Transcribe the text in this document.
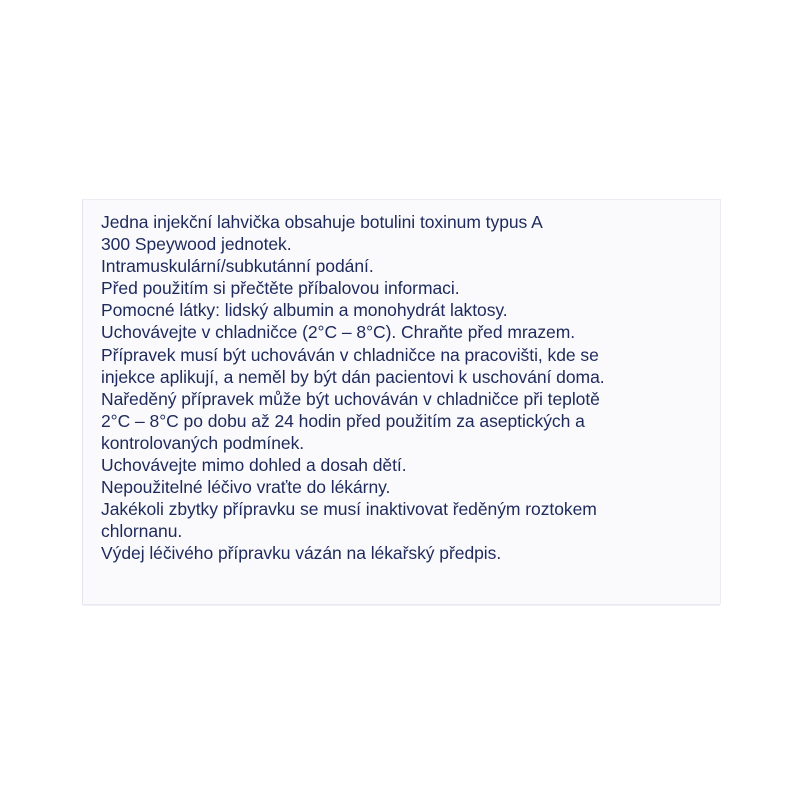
Jedna injekční lahvička obsahuje botulini toxinum typus A
300 Speywood jednotek.
Intramuskulární/subkutánní podání.
Před použitím si přečtěte příbalovou informaci.
Pomocné látky: lidský albumin a monohydrát laktosy.
Uchovávejte v chladničce (2°C – 8°C). Chraňte před mrazem.
Přípravek musí být uchováván v chladničce na pracovišti, kde se
injekce aplikují, a neměl by být dán pacientovi k uschování doma.
Naředěný přípravek může být uchováván v chladničce při teplotě
2°C – 8°C po dobu až 24 hodin před použitím za aseptických a
kontrolovaných podmínek.
Uchovávejte mimo dohled a dosah dětí.
Nepoužitelné léčivo vraťte do lékárny.
Jakékoli zbytky přípravku se musí inaktivovat ředěným roztokem
chlornanu.
Výdej léčivého přípravku vázán na lékařský předpis.
